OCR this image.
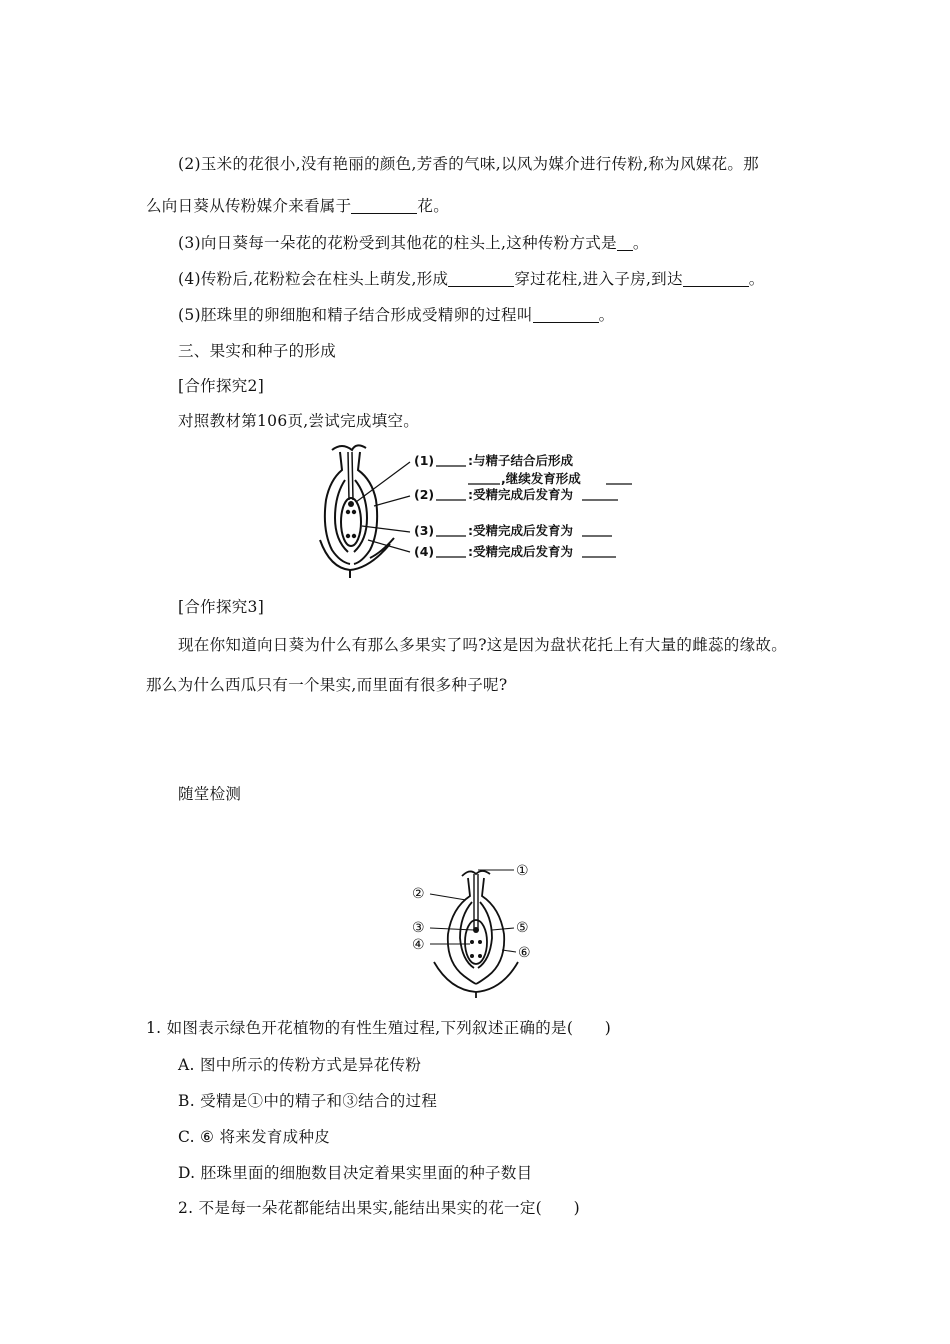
(2)玉米的花很小,没有艳丽的颜色,芳香的气味,以风为媒介进行传粉,称为风媒花。那
么向日葵从传粉媒介来看属于	花。
(3)向日葵每一朵花的花粉受到其他花的柱头上,这种传粉方式是 。
(4)传粉后,花粉粒会在柱头上萌发,形成	穿过花柱,进入子房,到达	。
(5)胚珠里的卵细胞和精子结合形成受精卵的过程叫	。
三、果实和种子的形成
[合作探究2]
对照教材第106页,尝试完成填空。
(1)	:与精子结合后形成
,继续发育形成
(2)	:受精完成后发育为
(3)	:受精完成后发育为
(4)	:受精完成后发育为
[合作探究3]
现在你知道向日葵为什么有那么多果实了吗?这是因为盘状花托上有大量的雌蕊的缘故。
那么为什么西瓜只有一个果实,而里面有很多种子呢?
随堂检测
①
②
③
④
⑤
⑥
1. 如图表示绿色开花植物的有性生殖过程,下列叙述正确的是(　　)
A. 图中所示的传粉方式是异花传粉
B. 受精是①中的精子和③结合的过程
C. ⑥ 将来发育成种皮
D. 胚珠里面的细胞数目决定着果实里面的种子数目
2. 不是每一朵花都能结出果实,能结出果实的花一定(　　)
